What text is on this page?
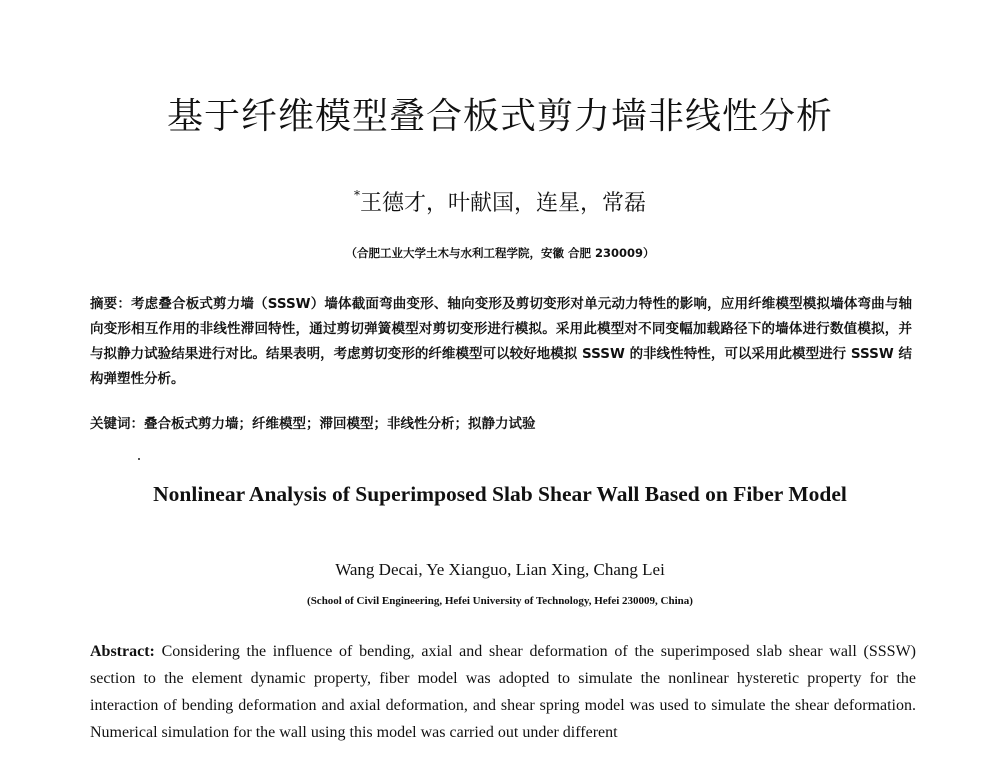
基于纤维模型叠合板式剪力墙非线性分析
*王德才，叶献国，连星，常磊
（合肥工业大学土木与水利工程学院，安徽 合肥 230009）
摘要：考虑叠合板式剪力墙（SSSW）墙体截面弯曲变形、轴向变形及剪切变形对单元动力特性的影响，应用纤维模型模拟墙体弯曲与轴向变形相互作用的非线性滞回特性，通过剪切弹簧模型对剪切变形进行模拟。采用此模型对不同变幅加载路径下的墙体进行数值模拟，并与拟静力试验结果进行对比。结果表明，考虑剪切变形的纤维模型可以较好地模拟 SSSW 的非线性特性，可以采用此模型进行 SSSW 结构弹塑性分析。
关键词：叠合板式剪力墙；纤维模型；滞回模型；非线性分析；拟静力试验
Nonlinear Analysis of Superimposed Slab Shear Wall Based on Fiber Model
Wang Decai, Ye Xianguo, Lian Xing, Chang Lei
(School of Civil Engineering, Hefei University of Technology, Hefei 230009, China)
Abstract: Considering the influence of bending, axial and shear deformation of the superimposed slab shear wall (SSSW) section to the element dynamic property, fiber model was adopted to simulate the nonlinear hysteretic property for the interaction of bending deformation and axial deformation, and shear spring model was used to simulate the shear deformation. Numerical simulation for the wall using this model was carried out under different
